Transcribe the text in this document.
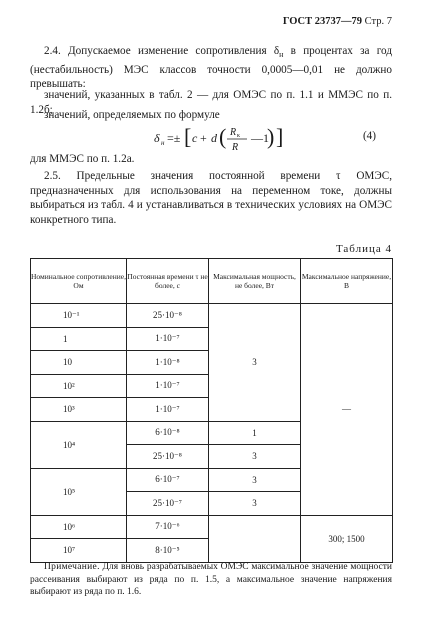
ГОСТ 23737—79 Стр. 7

2.4. Допускаемое изменение сопротивления $\delta_н$ в процентах за год (нестабильность) МЭС классов точности 0,0005—0,01 не должно превышать:

значений, указанных в табл. 2 — для ОМЭС по п. 1.1 и ММЭС по п. 1.2б;

значений, определяемых по формуле

δ н =± [ c + d ( R к
R
—1
) ]	(4)

для ММЭС по п. 1.2а.

2.5. Предельные значения постоянной времени τ ОМЭС, предназначенных для использования на переменном токе, должны выбираться из табл. 4 и устанавливаться в технических условиях на ОМЭС конкретного типа.

Таблица 4
Номинальное сопротивление, Ом	Постоянная времени τ не более, с	Максимальная мощность, не более, Вт	Максимальное напряжение, В
10⁻¹	25·10⁻⁸	3	—
1	1·10⁻⁷		
10	1·10⁻⁸		
10²	1·10⁻⁷		
10³	1·10⁻⁷		
10⁴	6·10⁻⁸	1	
	25·10⁻⁸	3	
10⁵	6·10⁻⁷	3	
	25·10⁻⁷	3	
10⁶	7·10⁻⁶		300; 1500
10⁷	8·10⁻⁵		

Примечание. Для вновь разрабатываемых ОМЭС максимальное значение мощности рассеивания выбирают из ряда по п. 1.5, а максимальное значение напряжения выбирают из ряда по п. 1.6.
